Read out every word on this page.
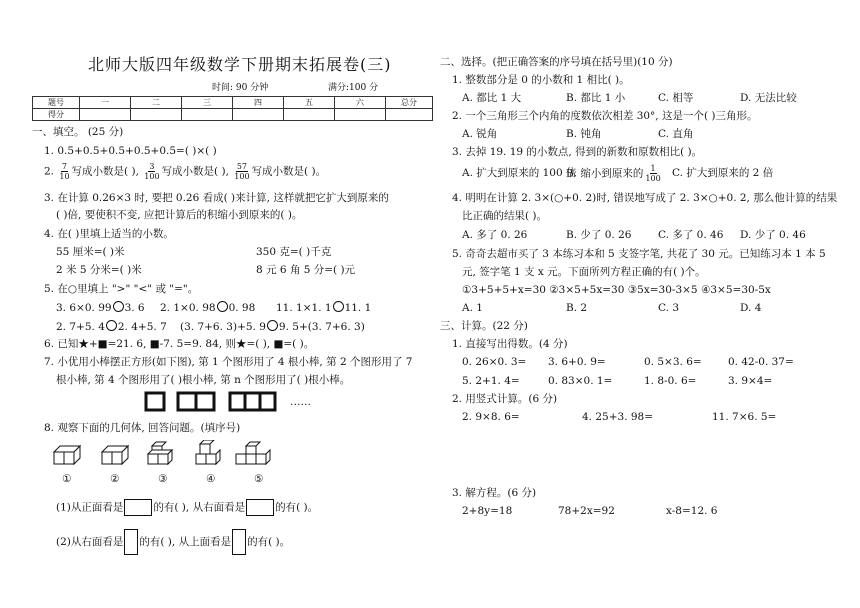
北师大版四年级数学下册期末拓展卷(三)
时间: 90 分钟	满分:100 分
题号	一	二	三	四	五	六	总分
得分							
一、填空。 (25 分)
1. 0.5+0.5+0.5+0.5+0.5=( )×( )
2. $\frac{7}{10}$ 写成小数是( ), $\frac{3}{100}$ 写成小数是( ), $\frac{57}{100}$ 写成小数是( )。
3. 在计算 0.26×3 时, 要把 0.26 看成( )来计算, 这样就把它扩大到原来的
( )倍, 要使积不变, 应把计算后的积缩小到原来的( )。
4. 在( )里填上适当的小数。
55 厘米=( )米	350 克=( )千克
2 米 5 分米=( )米	8 元 6 角 5 分=( )元
5. 在○里填上 ">" "<" 或 "="。
3. 6×0. 99 3. 6 2. 1×0. 98 0. 98 11. 1×1. 1 11. 1
2. 7+5. 4 2. 4+5. 7 (3. 7+6. 3)+5. 9 9. 5+(3. 7+6. 3)
6. 已知★+■=21. 6, ■-7. 5=9. 84, 则★=( ), ■=( )。
7. 小优用小棒摆正方形(如下图), 第 1 个图形用了 4 根小棒, 第 2 个图形用了 7
根小棒, 第 4 个图形用了( )根小棒, 第 n 个图形用了( )根小棒。
……
8. 观察下面的几何体, 回答问题。(填序号)
①	②	③	④	⑤
(1)从正面看是	的有( ), 从右面看是	的有( )。
(2)从右面看是 的有( ), 从上面看是 的有( )。
二、选择。(把正确答案的序号填在括号里)(10 分)
1. 整数部分是 0 的小数和 1 相比( )。
A. 都比 1 大	B. 都比 1 小	C. 相等	D. 无法比较
2. 一个三角形三个内角的度数依次相差 30°, 这是一个( )三角形。
A. 锐角	B. 钝角	C. 直角
3. 去掉 19. 19 的小数点, 得到的新数和原数相比( )。
A. 扩大到原来的 100 倍
B. 缩小到原来的 $\frac{1}{100} C$. 扩大到原来的 2 倍
4. 明明在计算 2. 3×(○+0. 2)时, 错误地写成了 2. 3×○+0. 2, 那么他计算的结果
比正确的结果( )。
A. 多了 0. 26	B. 少了 0. 26	C. 多了 0. 46 D. 少了 0. 46
5. 奇奇去超市买了 3 本练习本和 5 支签字笔, 共花了 30 元。已知练习本 1 本 5
元, 签字笔 1 支 x 元。下面所列方程正确的有( )个。
①3+5+5+x=30 ②3×5+5x=30 ③5x=30-3×5 ④3×5=30-5x
A. 1	B. 2	C. 3	D. 4
三、计算。(22 分)
1. 直接写出得数。(4 分)
0. 26×0. 3= 3. 6+0. 9=	0. 5×3. 6=	0. 42-0. 37=
5. 2+1. 4=	0. 83×0. 1=	1. 8-0. 6=	3. 9×4=
2. 用竖式计算。(6 分)
2. 9×8. 6=	4. 25+3. 98=	11. 7×6. 5=
3. 解方程。(6 分)
2+8y=18	78+2x=92	x-8=12. 6
